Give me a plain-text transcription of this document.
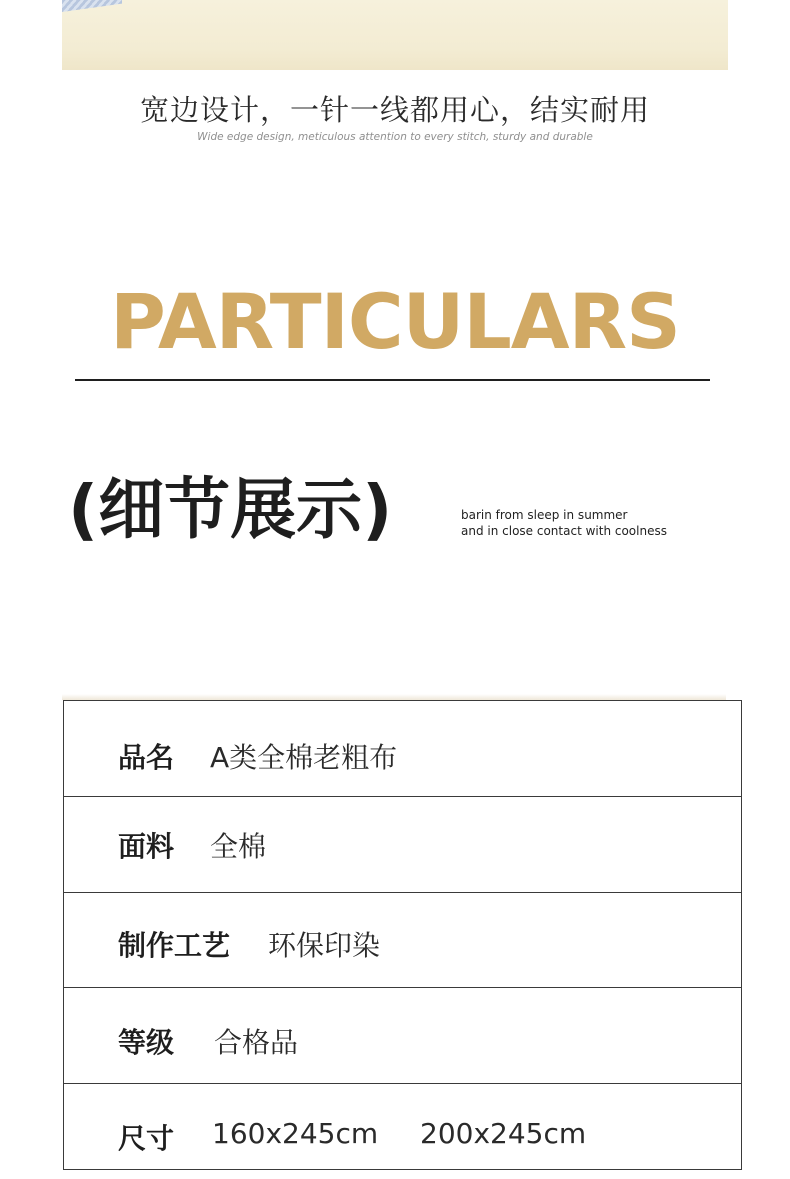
宽边设计，一针一线都用心，结实耐用
Wide edge design, meticulous attention to every stitch, sturdy and durable
PARTICULARS
(细节展示)	barin from sleep in summer
and in close contact with coolness
品名 A类全棉老粗布
面料 全棉
制作工艺 环保印染
等级 合格品
尺寸 160x245cm 200x245cm
